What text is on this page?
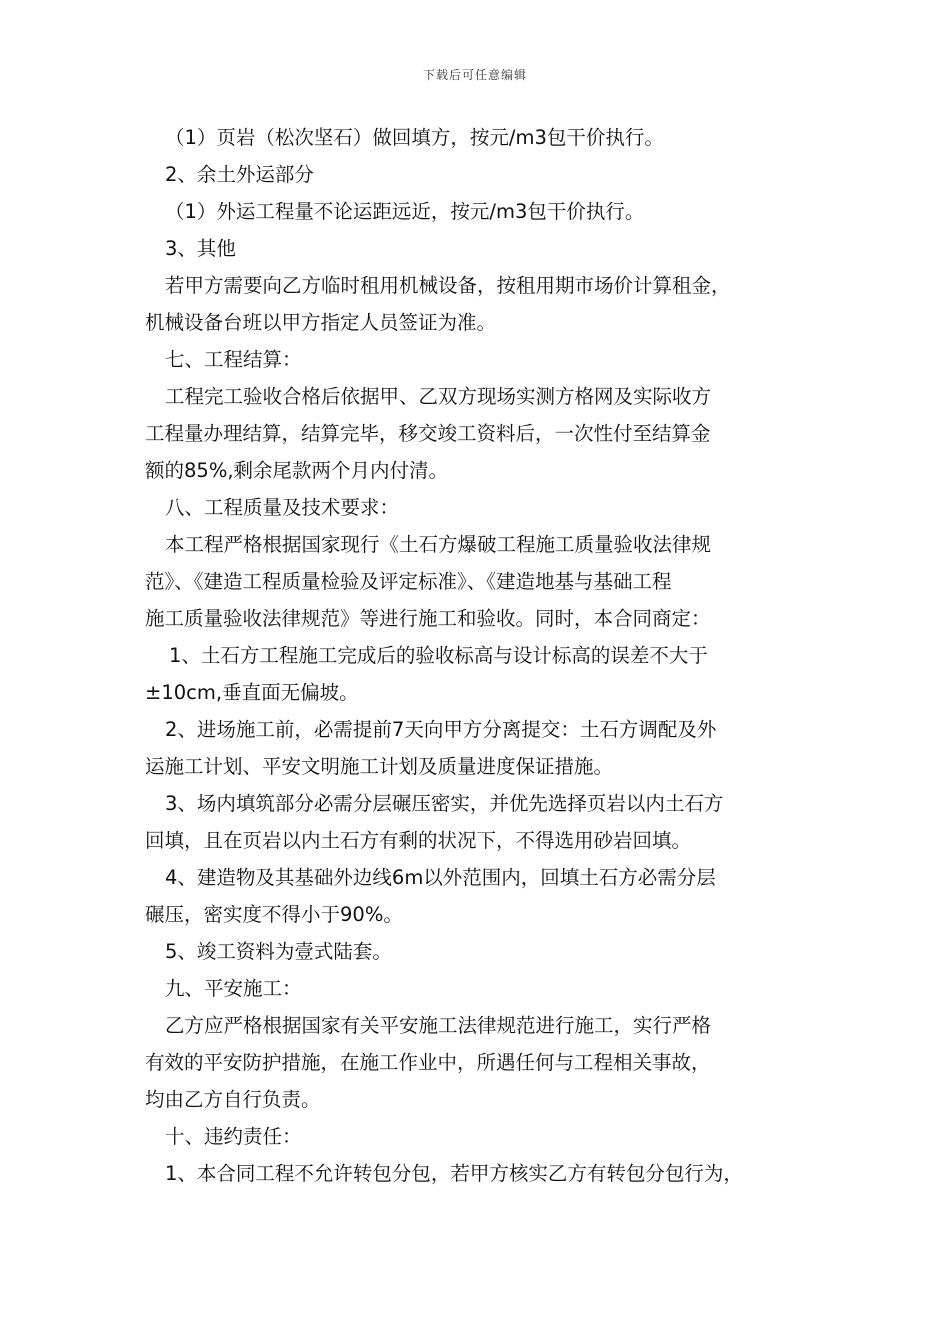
下载后可任意编辑

（1）页岩（松次坚石）做回填方，按元/m3包干价执行。

2、余土外运部分

（1）外运工程量不论运距远近，按元/m3包干价执行。

3、其他

若甲方需要向乙方临时租用机械设备，按租用期市场价计算租金，

机械设备台班以甲方指定人员签证为准。

七、工程结算：

工程完工验收合格后依据甲、乙双方现场实测方格网及实际收方

工程量办理结算，结算完毕，移交竣工资料后，一次性付至结算金

额的85%,剩余尾款两个月内付清。

八、工程质量及技术要求：

本工程严格根据国家现行《土石方爆破工程施工质量验收法律规

范》、《建造工程质量检验及评定标准》、《建造地基与基础工程

施工质量验收法律规范》等进行施工和验收。同时，本合同商定：

1、土石方工程施工完成后的验收标高与设计标高的误差不大于

±10cm,垂直面无偏坡。

2、进场施工前，必需提前7天向甲方分离提交：土石方调配及外

运施工计划、平安文明施工计划及质量进度保证措施。

3、场内填筑部分必需分层碾压密实，并优先选择页岩以内土石方

回填，且在页岩以内土石方有剩的状况下，不得选用砂岩回填。

4、建造物及其基础外边线6m以外范围内，回填土石方必需分层

碾压，密实度不得小于90%。

5、竣工资料为壹式陆套。

九、平安施工：

乙方应严格根据国家有关平安施工法律规范进行施工，实行严格

有效的平安防护措施，在施工作业中，所遇任何与工程相关事故，

均由乙方自行负责。

十、违约责任：

1、本合同工程不允许转包分包，若甲方核实乙方有转包分包行为，
